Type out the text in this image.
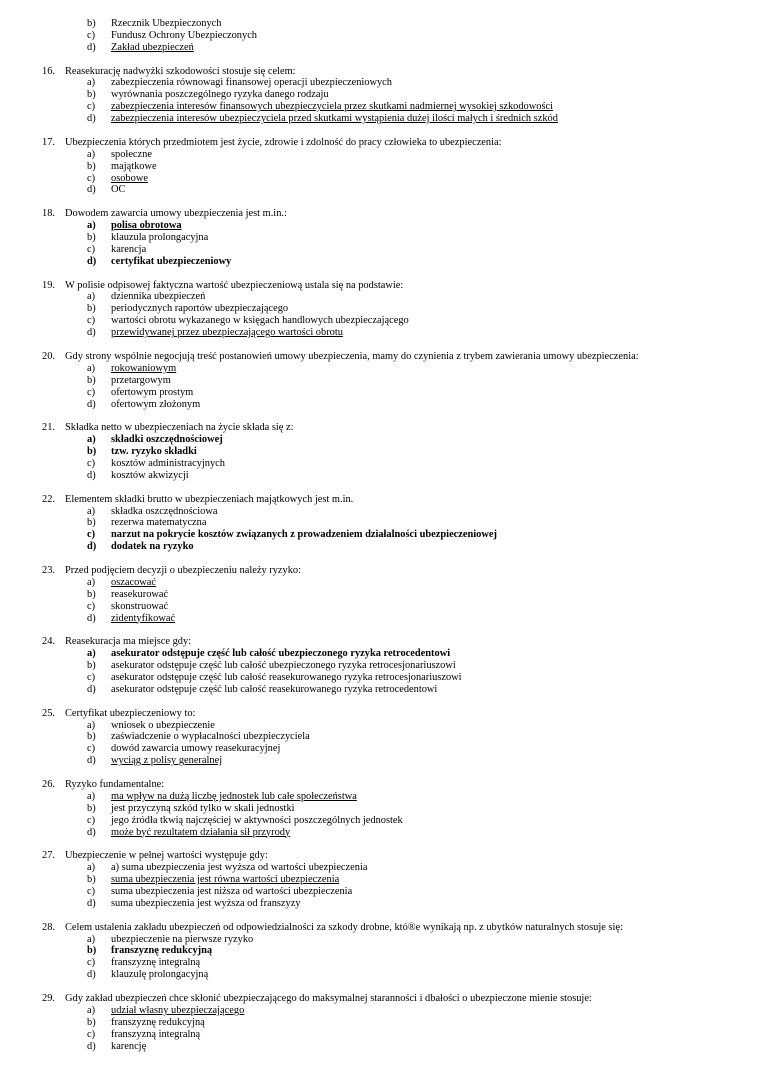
b) Rzecznik Ubezpieczonych
c) Fundusz Ochrony Ubezpieczonych
d) Zakład ubezpieczeń
16. Reasekurację nadwyżki szkodowości stosuje się celem:
a) zabezpieczenia równowagi finansowej operacji ubezpieczeniowych
b) wyrównania poszczególnego ryzyka danego rodzaju
c) zabezpieczenia interesów finansowych ubezpieczyciela przez skutkami nadmiernej wysokiej szkodowości
d) zabezpieczenia interesów ubezpieczyciela przed skutkami wystąpienia dużej ilości małych i średnich szkód
17. Ubezpieczenia których przedmiotem jest życie, zdrowie i zdolność do pracy człowieka to ubezpieczenia:
a) społeczne
b) majątkowe
c) osobowe
d) OC
18. Dowodem zawarcia umowy ubezpieczenia jest m.in.:
a) polisa obrotowa
b) klauzula prolongacyjna
c) karencja
d) certyfikat ubezpieczeniowy
19. W polisie odpisowej faktyczna wartość ubezpieczeniową ustala się na podstawie:
a) dziennika ubezpieczeń
b) periodycznych raportów ubezpieczającego
c) wartości obrotu wykazanego w księgach handlowych ubezpieczającego
d) przewidywanej przez ubezpieczającego wartości obrotu
20. Gdy strony wspólnie negocjują treść postanowień umowy ubezpieczenia, mamy do czynienia z trybem zawierania umowy ubezpieczenia:
a) rokowaniowym
b) przetargowym
c) ofertowym prostym
d) ofertowym złożonym
21. Składka netto w ubezpieczeniach na życie składa się z:
a) składki oszczędnościowej
b) tzw. ryzyko składki
c) kosztów administracyjnych
d) kosztów akwizycji
22. Elementem składki brutto w ubezpieczeniach majątkowych jest m.in.
a) składka oszczędnościowa
b) rezerwa matematyczna
c) narzut na pokrycie kosztów związanych z prowadzeniem działalności ubezpieczeniowej
d) dodatek na ryzyko
23. Przed podjęciem decyzji o ubezpieczeniu należy ryzyko:
a) oszacować
b) reasekurować
c) skonstruować
d) zidentyfikować
24. Reasekuracja ma miejsce gdy:
a) asekurator odstępuje część lub całość ubezpieczonego ryzyka retrocedentowi
b) asekurator odstępuje część lub całość ubezpieczonego ryzyka retrocesjonariuszowi
c) asekurator odstępuje część lub całość reasekurowanego ryzyka retrocesjonariuszowi
d) asekurator odstępuje część lub całość reasekurowanego ryzyka retrocedentowi
25. Certyfikat ubezpieczeniowy to:
a) wniosek o ubezpieczenie
b) zaświadczenie o wypłacalności ubezpieczyciela
c) dowód zawarcia umowy reasekuracyjnej
d) wyciąg z polisy generalnej
26. Ryzyko fundamentalne:
a) ma wpływ na dużą liczbę jednostek lub całe społeczeństwa
b) jest przyczyną szkód tylko w skali jednostki
c) jego źródła tkwią najczęściej w aktywności poszczególnych jednostek
d) może być rezultatem działania sił przyrody
27. Ubezpieczenie w pełnej wartości występuje gdy:
a) a) suma ubezpieczenia jest wyższa od wartości ubezpieczenia
b) suma ubezpieczenia jest równa wartości ubezpieczenia
c) suma ubezpieczenia jest niższa od wartości ubezpieczenia
d) suma ubezpieczenia jest wyższa od franszyzy
28. Celem ustalenia zakładu ubezpieczeń od odpowiedzialności za szkody drobne, któ®e wynikają np. z ubytków naturalnych stosuje się:
a) ubezpieczenie na pierwsze ryzyko
b) franszyznę redukcyjną
c) franszyznę integralną
d) klauzulę prolongacyjną
29. Gdy zakład ubezpieczeń chce skłonić ubezpieczającego do maksymalnej staranności i dbałości o ubezpieczone mienie stosuje:
a) udział własny ubezpieczającego
b) franszyznę redukcyjną
c) franszyzną integralną
d) karencję
